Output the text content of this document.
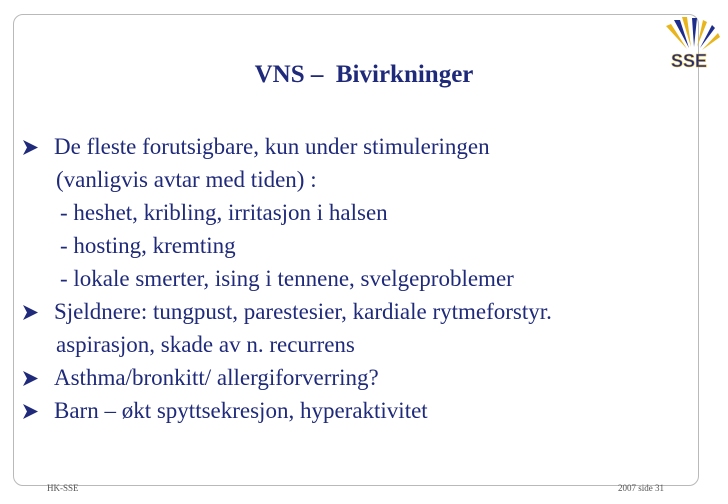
SSE
VNS –  Bivirkninger
De fleste forutsigbare, kun under stimuleringen
(vanligvis avtar med tiden) :
- heshet, kribling, irritasjon i halsen
- hosting, kremting
- lokale smerter, ising i tennene, svelgeproblemer
Sjeldnere: tungpust, parestesier, kardiale rytmeforstyr.
aspirasjon, skade av n. recurrens
Asthma/bronkitt/ allergiforverring?
Barn – økt spyttsekresjon, hyperaktivitet
HK-SSE	2007 side 31
